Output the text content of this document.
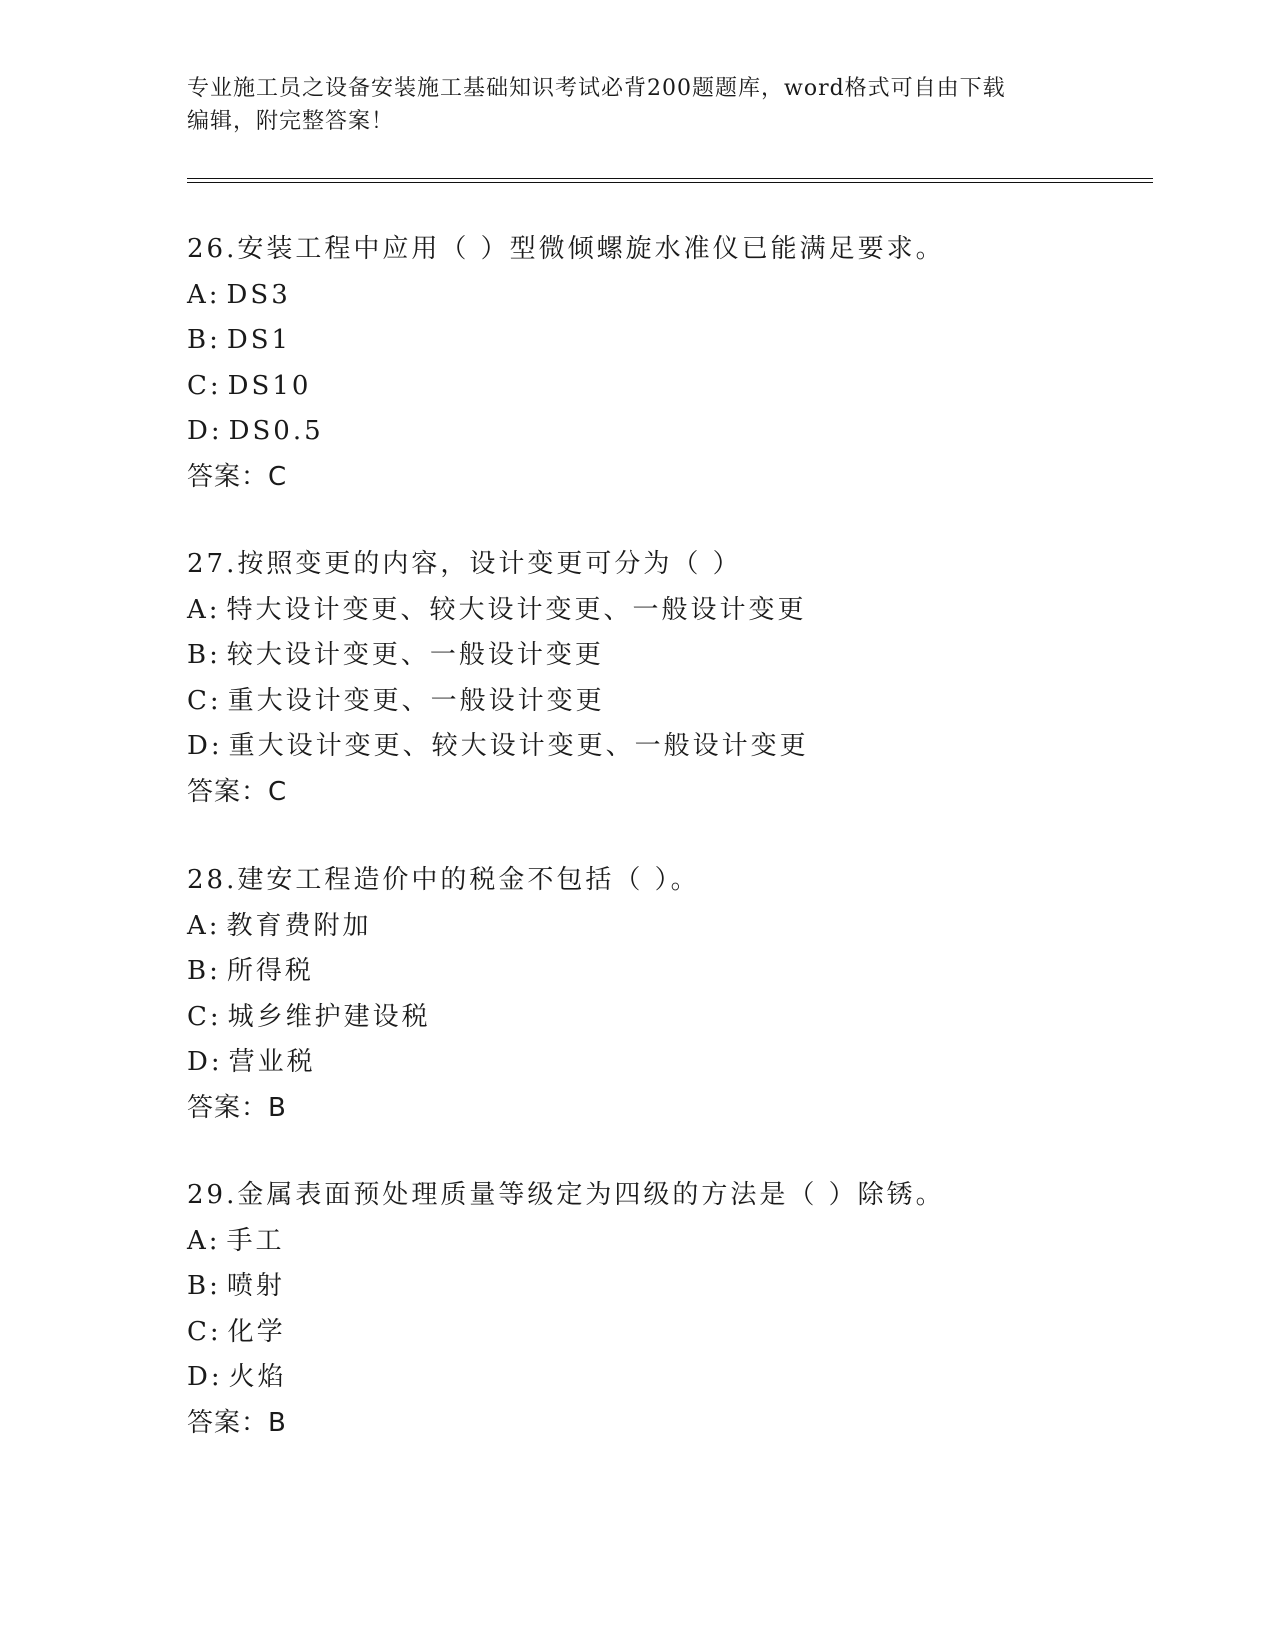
专业施工员之设备安装施工基础知识考试必背200题题库，word格式可自由下载
编辑，附完整答案！
26.安装工程中应用（ ）型微倾螺旋水准仪已能满足要求。
A: DS3
B: DS1
C: DS10
D: DS0.5
答案：C
27.按照变更的内容，设计变更可分为（ ）
A: 特大设计变更、较大设计变更、一般设计变更
B: 较大设计变更、一般设计变更
C: 重大设计变更、一般设计变更
D: 重大设计变更、较大设计变更、一般设计变更
答案：C
28.建安工程造价中的税金不包括（ ）。
A: 教育费附加
B: 所得税
C: 城乡维护建设税
D: 营业税
答案：B
29.金属表面预处理质量等级定为四级的方法是（ ）除锈。
A: 手工
B: 喷射
C: 化学
D: 火焰
答案：B
